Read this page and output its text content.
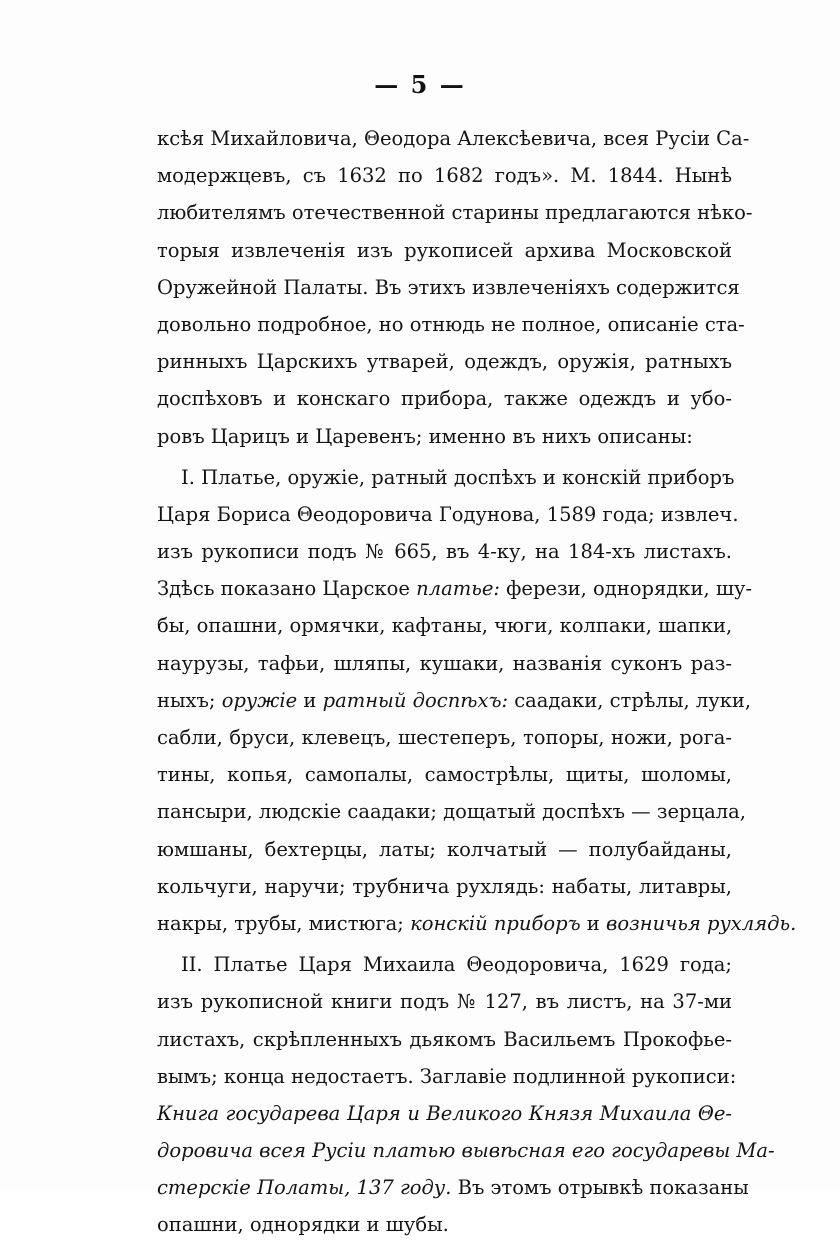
— 5 —
ксѣя Михайловича, Θеодора Алексѣевича, всея Русіи Са-
модержцевъ, съ 1632 по 1682 годъ». М. 1844. Нынѣ
любителямъ отечественной старины предлагаются нѣко-
торыя извлеченія изъ рукописей архива Московской
Оружейной Палаты. Въ этихъ извлеченіяхъ содержится
довольно подробное, но отнюдь не полное, описаніе ста-
ринныхъ Царскихъ утварей, одеждъ, оружія, ратныхъ
доспѣховъ и конскаго прибора, также одеждъ и убо-
ровъ Царицъ и Царевенъ; именно въ нихъ описаны:
I. Платье, оружіе, ратный доспѣхъ и конскій приборъ
Царя Бориса Θеодоровича Годунова, 1589 года; извлеч.
изъ рукописи подъ № 665, въ 4-ку, на 184-хъ листахъ.
Здѣсь показано Царское платье: ферези, однорядки, шу-
бы, опашни, ормячки, кафтаны, чюги, колпаки, шапки,
наурузы, тафьи, шляпы, кушаки, названія суконъ раз-
ныхъ; оружіе и ратный доспѣхъ: саадаки, стрѣлы, луки,
сабли, бруси, клевецъ, шестеперъ, топоры, ножи, рога-
тины, копья, самопалы, самострѣлы, щиты, шоломы,
пансыри, людскіе саадаки; дощатый доспѣхъ — зерцала,
юмшаны, бехтерцы, латы; колчатый — полубайданы,
кольчуги, наручи; трубнича рухлядь: набаты, литавры,
накры, трубы, мистюга; конскій приборъ и возничья рухлядь.
II. Платье Царя Михаила Θеодоровича, 1629 года;
изъ рукописной книги подъ № 127, въ листъ, на 37-ми
листахъ, скрѣпленныхъ дьякомъ Васильемъ Прокофье-
вымъ; конца недостаетъ. Заглавіе подлинной рукописи:
Книга государева Царя и Великого Князя Михаила Θе-
доровича всея Русіи платью вывѣсная его государевы Ма-
стерскіе Полаты, 137 году. Въ этомъ отрывкѣ показаны
опашни, однорядки и шубы.
